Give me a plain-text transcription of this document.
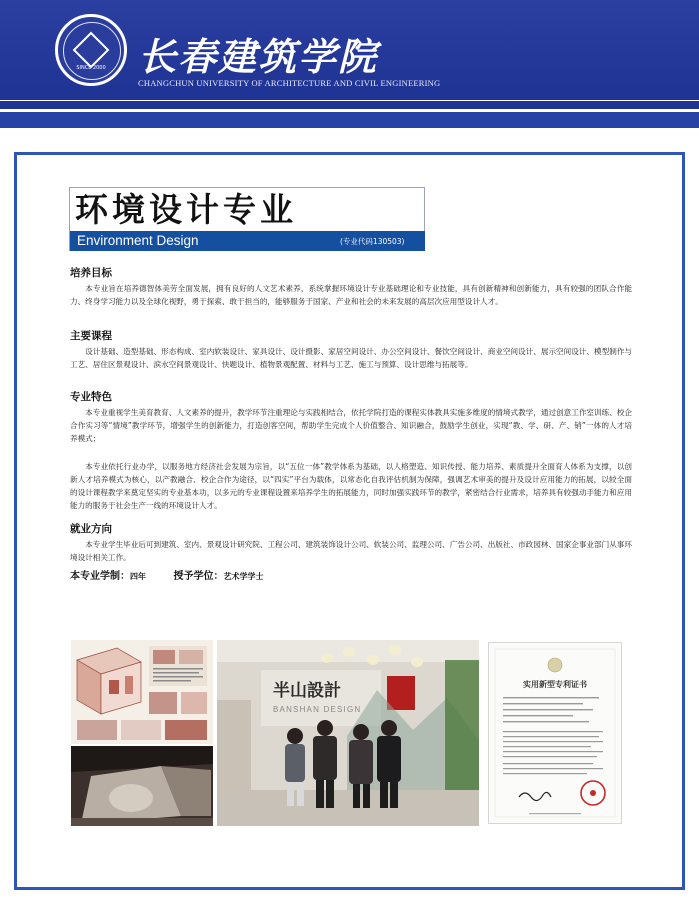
SINCE 2000 长春建筑学院
CHANGCHUN UNIVERSITY OF ARCHITECTURE AND CIVIL ENGINEERING
环境设计专业
Environment Design	(专业代码130503)
培养目标
本专业旨在培养德智体美劳全面发展，拥有良好的人文艺术素养，系统掌握环境设计专业基础理论和专业技能，具有创新精神和创新能力，具有较强的团队合作能力、终身学习能力以及全球化视野，勇于探索、敢于担当的，能够服务于国家、产业和社会的未来发展的高层次应用型设计人才。
主要课程
设计基础、造型基础、形态构成、室内软装设计、家具设计、设计摄影、家居空间设计、办公空间设计、餐饮空间设计、商业空间设计、展示空间设计、模型制作与工艺、居住区景观设计、滨水空间景观设计、快题设计、植物景观配置、材料与工艺、施工与预算、设计思维与拓展等。
专业特色
本专业重视学生美育教育、人文素养的提升，教学环节注重理论与实践相结合，依托学院打造的课程实体教具实施多维度的情境式教学，通过创意工作室训练、校企合作实习等“情境”教学环节，增强学生的创新能力，打造创客空间，帮助学生完成个人价值整合、知识融合，鼓励学生创业，实现“教、学、研、产、销”一体的人才培养模式；
本专业依托行业办学，以服务地方经济社会发展为宗旨，以“五位一体”教学体系为基础，以人格塑造、知识传授、能力培养、素质提升全面育人体系为支撑，以创新人才培养模式为核心，以产教融合、校企合作为途径，以“四实”平台为载体，以常态化自我评估机制为保障，强调艺术审美的提升及设计应用能力的拓展，以较全面的设计课程教学来奠定坚实的专业基本功，以多元的专业课程设置来培养学生的拓展能力，同时加强实践环节的教学，紧密结合行业需求，培养具有较强动手能力和应用能力的服务于社会生产一线的环境设计人才。
就业方向
本专业学生毕业后可到建筑、室内、景观设计研究院、工程公司、建筑装饰设计公司、软装公司、监理公司、广告公司、出版社、市政园林、国家企事业部门从事环境设计相关工作。
本专业学制：四年	授予学位：艺术学学士
半山設計
BANSHAN DESIGN
实用新型专利证书
